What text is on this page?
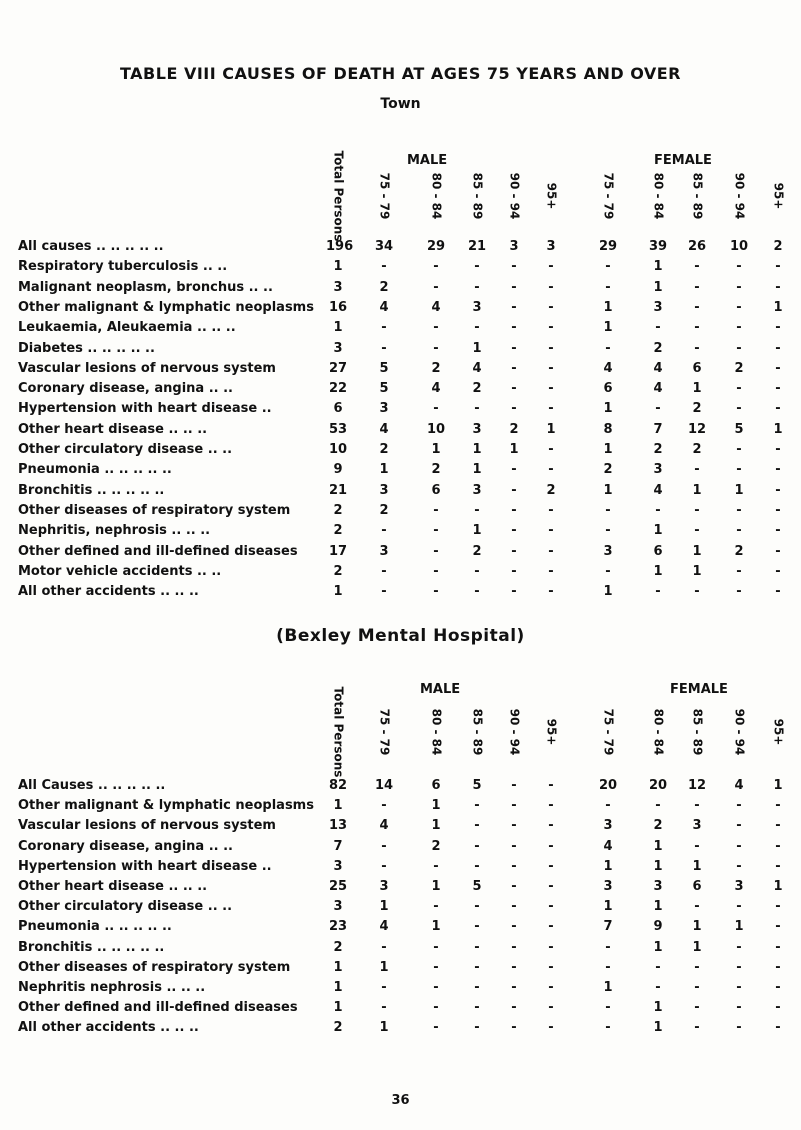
TABLE VIII CAUSES OF DEATH AT AGES 75 YEARS AND OVER
Town
(Bexley Mental Hospital)
MALE	FEMALE
Total Persons	75 - 79	80 - 84 85 - 89 90 - 94 95+	75 - 79	80 - 84 85 - 89 90 - 94 95+
All causes .. .. .. .. ..	196 34	29 21	3	3	29 39 26 10	2
Respiratory tuberculosis .. ..	1	-	-	-	-	-	-	1	-	-	-
Malignant neoplasm, bronchus .. ..	3	2	-	-	-	-	-	1	-	-	-
Other malignant & lymphatic neoplasms 16	4	4	3	-	-	1	3	-	-	1
Leukaemia, Aleukaemia .. .. ..	1	-	-	-	-	-	1	-	-	-	-
Diabetes .. .. .. .. ..	3	-	-	1	-	-	-	2	-	-	-
Vascular lesions of nervous system	27	5	2	4	-	-	4	4	6	2	-
Coronary disease, angina .. ..	22	5	4	2	-	-	6	4	1	-	-
Hypertension with heart disease ..	6	3	-	-	-	-	1	-	2	-	-
Other heart disease .. .. ..	53	4	10	3	2	1	8	7	12	5	1
Other circulatory disease .. ..	10	2	1	1	1	-	1	2	2	-	-
Pneumonia .. .. .. .. ..	9	1	2	1	-	-	2	3	-	-	-
Bronchitis .. .. .. .. ..	21	3	6	3	-	2	1	4	1	1	-
Other diseases of respiratory system	2	2	-	-	-	-	-	-	-	-	-
Nephritis, nephrosis .. .. ..	2	-	-	1	-	-	-	1	-	-	-
Other defined and ill-defined diseases 17	3	-	2	-	-	3	6	1	2	-
Motor vehicle accidents .. ..	2	-	-	-	-	-	-	1	1	-	-
All other accidents .. .. ..	1	-	-	-	-	-	1	-	-	-	-
MALE	FEMALE
Total Persons	75 - 79	80 - 84 85 - 89 90 - 94 95+	75 - 79	80 - 84 85 - 89 90 - 94 95+
All Causes .. .. .. .. ..	82 14	6	5	-	-	20 20 12	4	1
Other malignant & lymphatic neoplasms	1	-	1	-	-	-	-	-	-	-	-
Vascular lesions of nervous system	13	4	1	-	-	-	3	2	3	-	-
Coronary disease, angina .. ..	7	-	2	-	-	-	4	1	-	-	-
Hypertension with heart disease ..	3	-	-	-	-	-	1	1	1	-	-
Other heart disease .. .. ..	25	3	1	5	-	-	3	3	6	3	1
Other circulatory disease .. ..	3	1	-	-	-	-	1	1	-	-	-
Pneumonia .. .. .. .. ..	23	4	1	-	-	-	7	9	1	1	-
Bronchitis .. .. .. .. ..	2	-	-	-	-	-	-	1	1	-	-
Other diseases of respiratory system	1	1	-	-	-	-	-	-	-	-	-
Nephritis nephrosis .. .. ..	1	-	-	-	-	-	1	-	-	-	-
Other defined and ill-defined diseases	1	-	-	-	-	-	-	1	-	-	-
All other accidents .. .. ..	2	1	-	-	-	-	-	1	-	-	-
36
